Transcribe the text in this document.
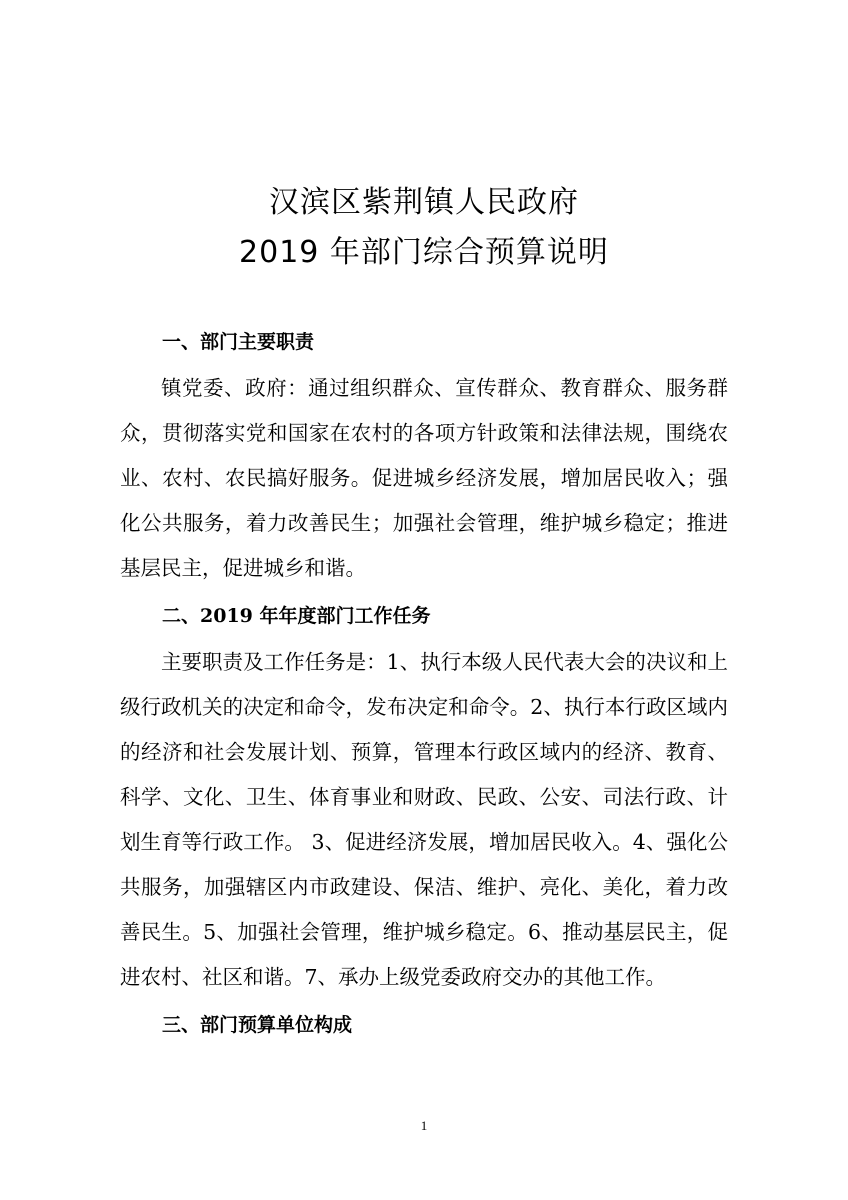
汉滨区紫荆镇人民政府
2019 年部门综合预算说明
一、部门主要职责

镇党委、政府：通过组织群众、宣传群众、教育群众、服务群众，贯彻落实党和国家在农村的各项方针政策和法律法规，围绕农业、农村、农民搞好服务。促进城乡经济发展，增加居民收入；强化公共服务，着力改善民生；加强社会管理，维护城乡稳定；推进基层民主，促进城乡和谐。

二、2019 年年度部门工作任务

主要职责及工作任务是：1、执行本级人民代表大会的决议和上级行政机关的决定和命令，发布决定和命令。2、执行本行政区域内的经济和社会发展计划、预算，管理本行政区域内的经济、教育、科学、文化、卫生、体育事业和财政、民政、公安、司法行政、计划生育等行政工作。 3、促进经济发展，增加居民收入。4、强化公共服务，加强辖区内市政建设、保洁、维护、亮化、美化，着力改善民生。5、加强社会管理，维护城乡稳定。6、推动基层民主，促进农村、社区和谐。7、承办上级党委政府交办的其他工作。

三、部门预算单位构成
1
